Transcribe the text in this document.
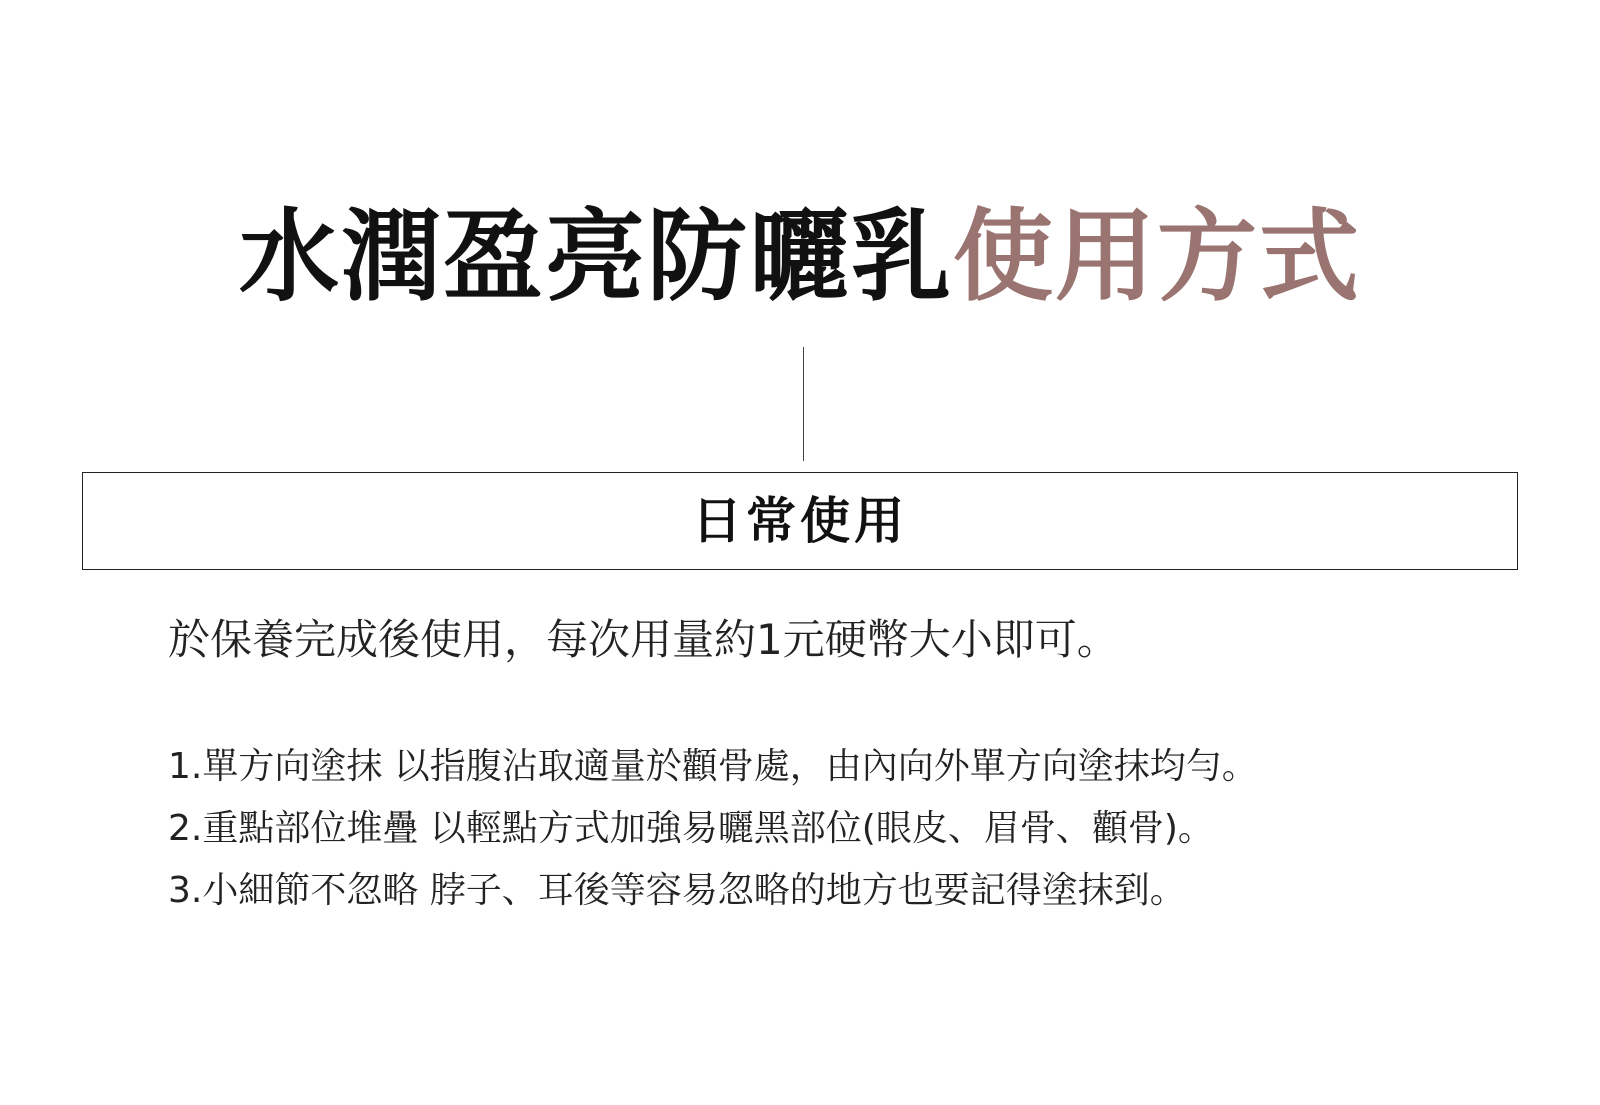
水潤盈亮防曬乳使用方式
日常使用
於保養完成後使用，每次用量約1元硬幣大小即可。
1.單方向塗抹 以指腹沾取適量於顴骨處，由內向外單方向塗抹均勻。
2.重點部位堆疊 以輕點方式加強易曬黑部位(眼皮、眉骨、顴骨)。
3.小細節不忽略 脖子、耳後等容易忽略的地方也要記得塗抹到。
